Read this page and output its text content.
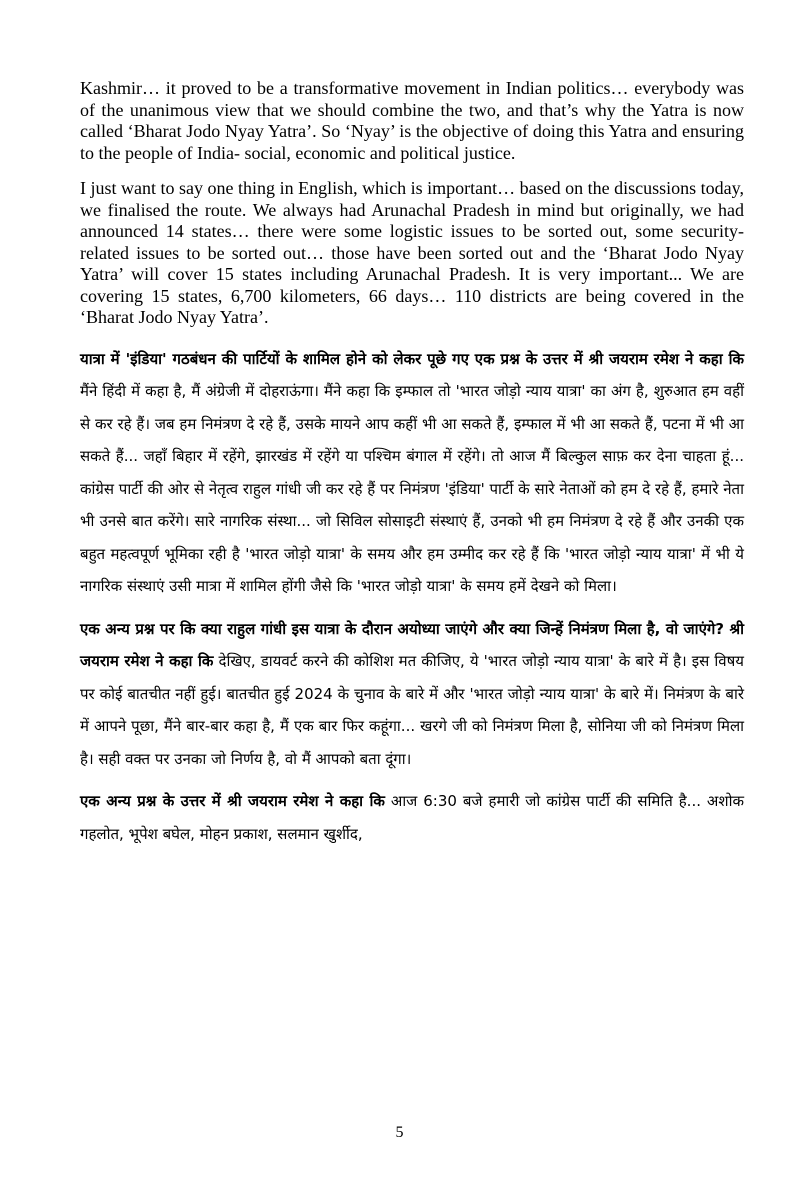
Kashmir… it proved to be a transformative movement in Indian politics… everybody was of the unanimous view that we should combine the two, and that’s why the Yatra is now called ‘Bharat Jodo Nyay Yatra’. So ‘Nyay’ is the objective of doing this Yatra and ensuring to the people of India- social, economic and political justice.

I just want to say one thing in English, which is important… based on the discussions today, we finalised the route. We always had Arunachal Pradesh in mind but originally, we had announced 14 states… there were some logistic issues to be sorted out, some security-related issues to be sorted out… those have been sorted out and the ‘Bharat Jodo Nyay Yatra’ will cover 15 states including Arunachal Pradesh. It is very important... We are covering 15 states, 6,700 kilometers, 66 days… 110 districts are being covered in the ‘Bharat Jodo Nyay Yatra’.

यात्रा में 'इंडिया' गठबंधन की पार्टियों के शामिल होने को लेकर पूछे गए एक प्रश्न के उत्तर में श्री जयराम रमेश ने कहा कि मैंने हिंदी में कहा है, मैं अंग्रेजी में दोहराऊंगा। मैंने कहा कि इम्फाल तो 'भारत जोड़ो न्याय यात्रा' का अंग है, शुरुआत हम वहीं से कर रहे हैं। जब हम निमंत्रण दे रहे हैं, उसके मायने आप कहीं भी आ सकते हैं, इम्फाल में भी आ सकते हैं, पटना में भी आ सकते हैं... जहाँ बिहार में रहेंगे, झारखंड में रहेंगे या पश्चिम बंगाल में रहेंगे। तो आज मैं बिल्कुल साफ़ कर देना चाहता हूं... कांग्रेस पार्टी की ओर से नेतृत्व राहुल गांधी जी कर रहे हैं पर निमंत्रण 'इंडिया' पार्टी के सारे नेताओं को हम दे रहे हैं, हमारे नेता भी उनसे बात करेंगे। सारे नागरिक संस्था... जो सिविल सोसाइटी संस्थाएं हैं, उनको भी हम निमंत्रण दे रहे हैं और उनकी एक बहुत महत्वपूर्ण भूमिका रही है 'भारत जोड़ो यात्रा' के समय और हम उम्मीद कर रहे हैं कि 'भारत जोड़ो न्याय यात्रा' में भी ये नागरिक संस्थाएं उसी मात्रा में शामिल होंगी जैसे कि 'भारत जोड़ो यात्रा' के समय हमें देखने को मिला।

एक अन्य प्रश्न पर कि क्या राहुल गांधी इस यात्रा के दौरान अयोध्या जाएंगे और क्या जिन्हें निमंत्रण मिला है, वो जाएंगे? श्री जयराम रमेश ने कहा कि देखिए, डायवर्ट करने की कोशिश मत कीजिए, ये 'भारत जोड़ो न्याय यात्रा' के बारे में है। इस विषय पर कोई बातचीत नहीं हुई। बातचीत हुई 2024 के चुनाव के बारे में और 'भारत जोड़ो न्याय यात्रा' के बारे में। निमंत्रण के बारे में आपने पूछा, मैंने बार-बार कहा है, मैं एक बार फिर कहूंगा... खरगे जी को निमंत्रण मिला है, सोनिया जी को निमंत्रण मिला है। सही वक्त पर उनका जो निर्णय है, वो मैं आपको बता दूंगा।

एक अन्य प्रश्न के उत्तर में श्री जयराम रमेश ने कहा कि आज 6:30 बजे हमारी जो कांग्रेस पार्टी की समिति है... अशोक गहलोत, भूपेश बघेल, मोहन प्रकाश, सलमान खुर्शीद,

5
